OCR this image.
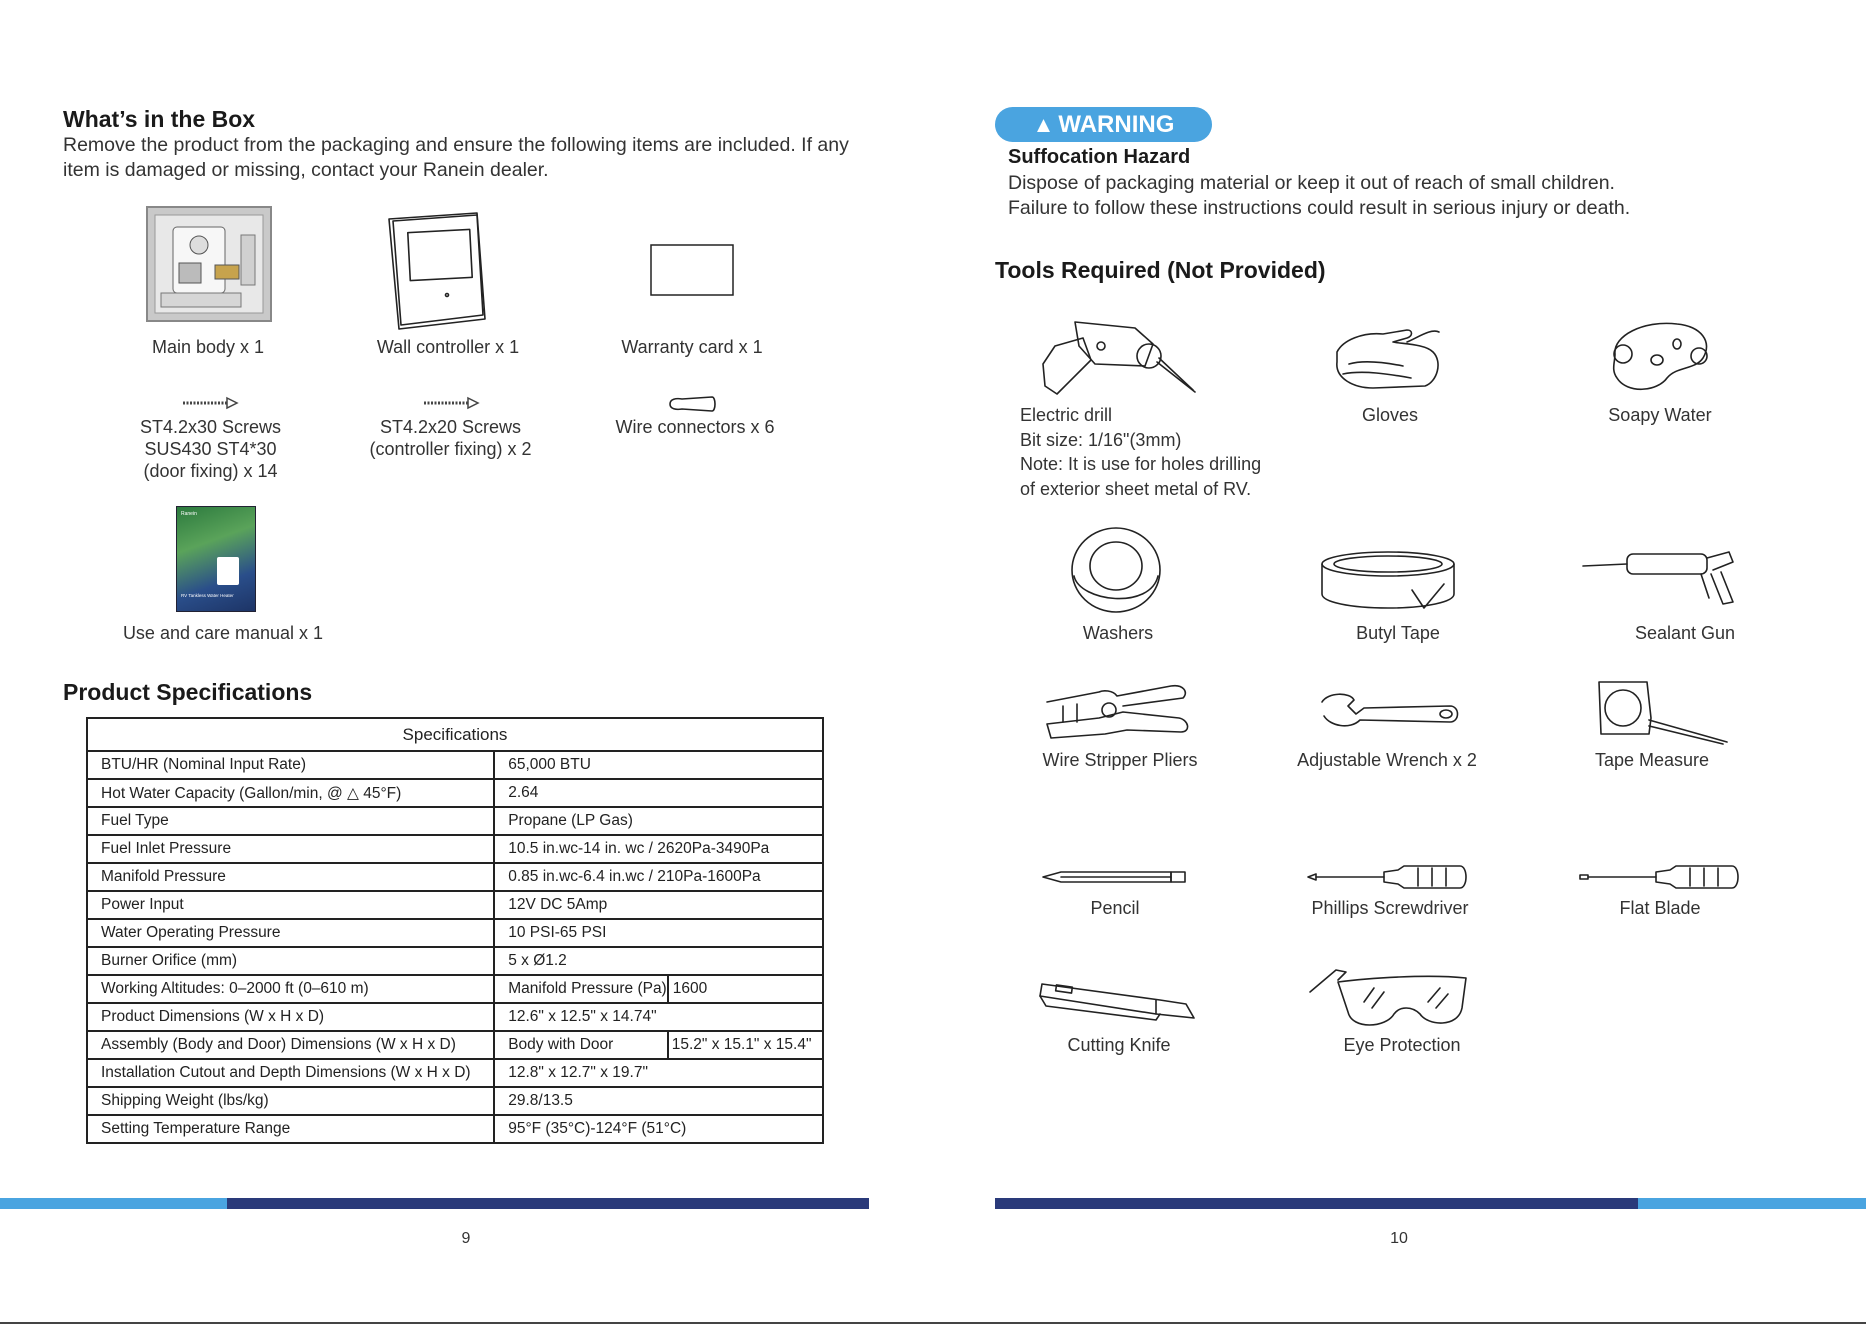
What’s in the Box
Remove the product from the packaging and ensure the following items are included. If any item is damaged or missing, contact your Ranein dealer.
Main body x 1	Wall controller x 1	Warranty card x 1
ST4.2x30 Screws
SUS430 ST4*30
(door fixing) x 14
ST4.2x20 Screws
(controller fixing) x 2
Wire connectors x 6
Ranein
RV Tankless Water Heater
Use and care manual x 1
Product Specifications
Specifications		
BTU/HR (Nominal Input Rate)	65,000 BTU	
Hot Water Capacity (Gallon/min, @ △ 45°F)	2.64	
Fuel Type	Propane (LP Gas)	
Fuel Inlet Pressure	10.5 in.wc-14 in. wc / 2620Pa-3490Pa	
Manifold Pressure	0.85 in.wc-6.4 in.wc / 210Pa-1600Pa	
Power Input	12V DC 5Amp	
Water Operating Pressure	10 PSI-65 PSI	
Burner Orifice (mm)	5 x Ø1.2	
Working Altitudes: 0–2000 ft (0–610 m)	Manifold Pressure (Pa)	1600
Product Dimensions (W x H x D)	12.6" x 12.5" x 14.74"	
Assembly (Body and Door) Dimensions (W x H x D)	Body with Door	15.2" x 15.1" x 15.4"
Installation Cutout and Depth Dimensions (W x H x D)	12.8" x 12.7" x 19.7"	
Shipping Weight (lbs/kg)	29.8/13.5	
Setting Temperature Range	95°F (35°C)-124°F (51°C)	
9
▲ WARNING
Suffocation Hazard
Dispose of packaging material or keep it out of reach of small children.
Failure to follow these instructions could result in serious injury or death.
Tools Required (Not Provided)
Electric drill
Bit size: 1/16"(3mm)
Note: It is use for holes drilling
of exterior sheet metal of RV.
Gloves	Soapy Water
Washers	Butyl Tape	Sealant Gun
Wire Stripper Pliers	Adjustable Wrench x 2	Tape Measure
Pencil	Phillips Screwdriver	Flat Blade
Cutting Knife	Eye Protection
10
